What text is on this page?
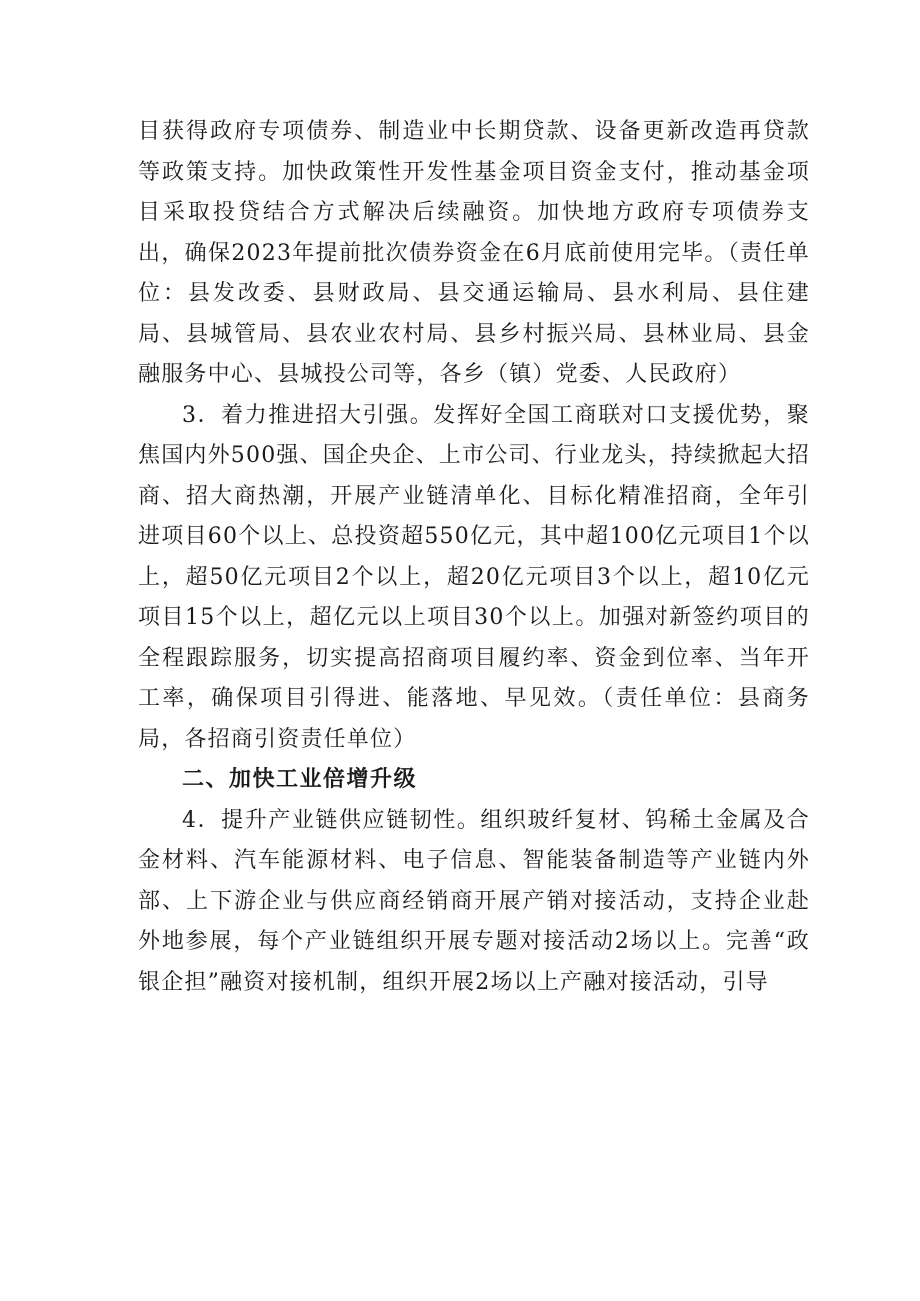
目获得政府专项债券、制造业中长期贷款、设备更新改造再贷款等政策支持。加快政策性开发性基金项目资金支付，推动基金项目采取投贷结合方式解决后续融资。加快地方政府专项债券支出，确保2023年提前批次债券资金在6月底前使用完毕。（责任单位：县发改委、县财政局、县交通运输局、县水利局、县住建局、县城管局、县农业农村局、县乡村振兴局、县林业局、县金融服务中心、县城投公司等，各乡（镇）党委、人民政府）

3．着力推进招大引强。发挥好全国工商联对口支援优势，聚焦国内外500强、国企央企、上市公司、行业龙头，持续掀起大招商、招大商热潮，开展产业链清单化、目标化精准招商，全年引进项目60个以上、总投资超550亿元，其中超100亿元项目1个以上，超50亿元项目2个以上，超20亿元项目3个以上，超10亿元项目15个以上，超亿元以上项目30个以上。加强对新签约项目的全程跟踪服务，切实提高招商项目履约率、资金到位率、当年开工率，确保项目引得进、能落地、早见效。（责任单位：县商务局，各招商引资责任单位）

二、加快工业倍增升级

4．提升产业链供应链韧性。组织玻纤复材、钨稀土金属及合金材料、汽车能源材料、电子信息、智能装备制造等产业链内外部、上下游企业与供应商经销商开展产销对接活动，支持企业赴外地参展，每个产业链组织开展专题对接活动2场以上。完善“政银企担”融资对接机制，组织开展2场以上产融对接活动，引导
